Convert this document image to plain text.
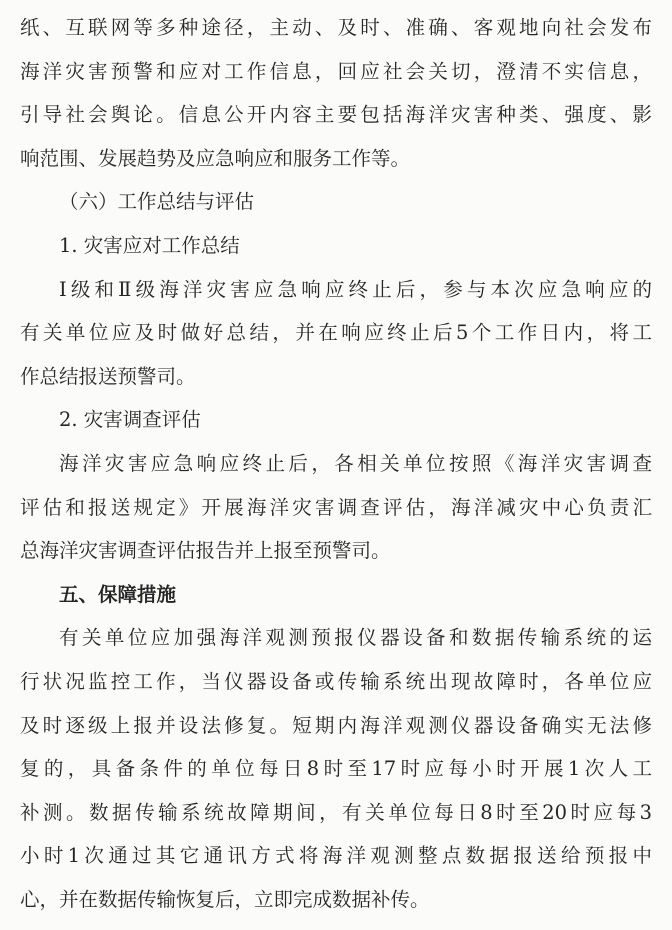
纸、互联网等多种途径，主动、及时、准确、客观地向社会发布
海洋灾害预警和应对工作信息，回应社会关切，澄清不实信息，
引导社会舆论。信息公开内容主要包括海洋灾害种类、强度、影
响范围、发展趋势及应急响应和服务工作等。
（六）工作总结与评估
1. 灾害应对工作总结
Ⅰ级和Ⅱ级海洋灾害应急响应终止后，参与本次应急响应的
有关单位应及时做好总结，并在响应终止后5个工作日内，将工
作总结报送预警司。
2. 灾害调查评估
海洋灾害应急响应终止后，各相关单位按照《海洋灾害调查
评估和报送规定》开展海洋灾害调查评估，海洋减灾中心负责汇
总海洋灾害调查评估报告并上报至预警司。
五、保障措施
有关单位应加强海洋观测预报仪器设备和数据传输系统的运
行状况监控工作，当仪器设备或传输系统出现故障时，各单位应
及时逐级上报并设法修复。短期内海洋观测仪器设备确实无法修
复的，具备条件的单位每日8时至17时应每小时开展1次人工
补测。数据传输系统故障期间，有关单位每日8时至20时应每3
小时1次通过其它通讯方式将海洋观测整点数据报送给预报中
心，并在数据传输恢复后，立即完成数据补传。
